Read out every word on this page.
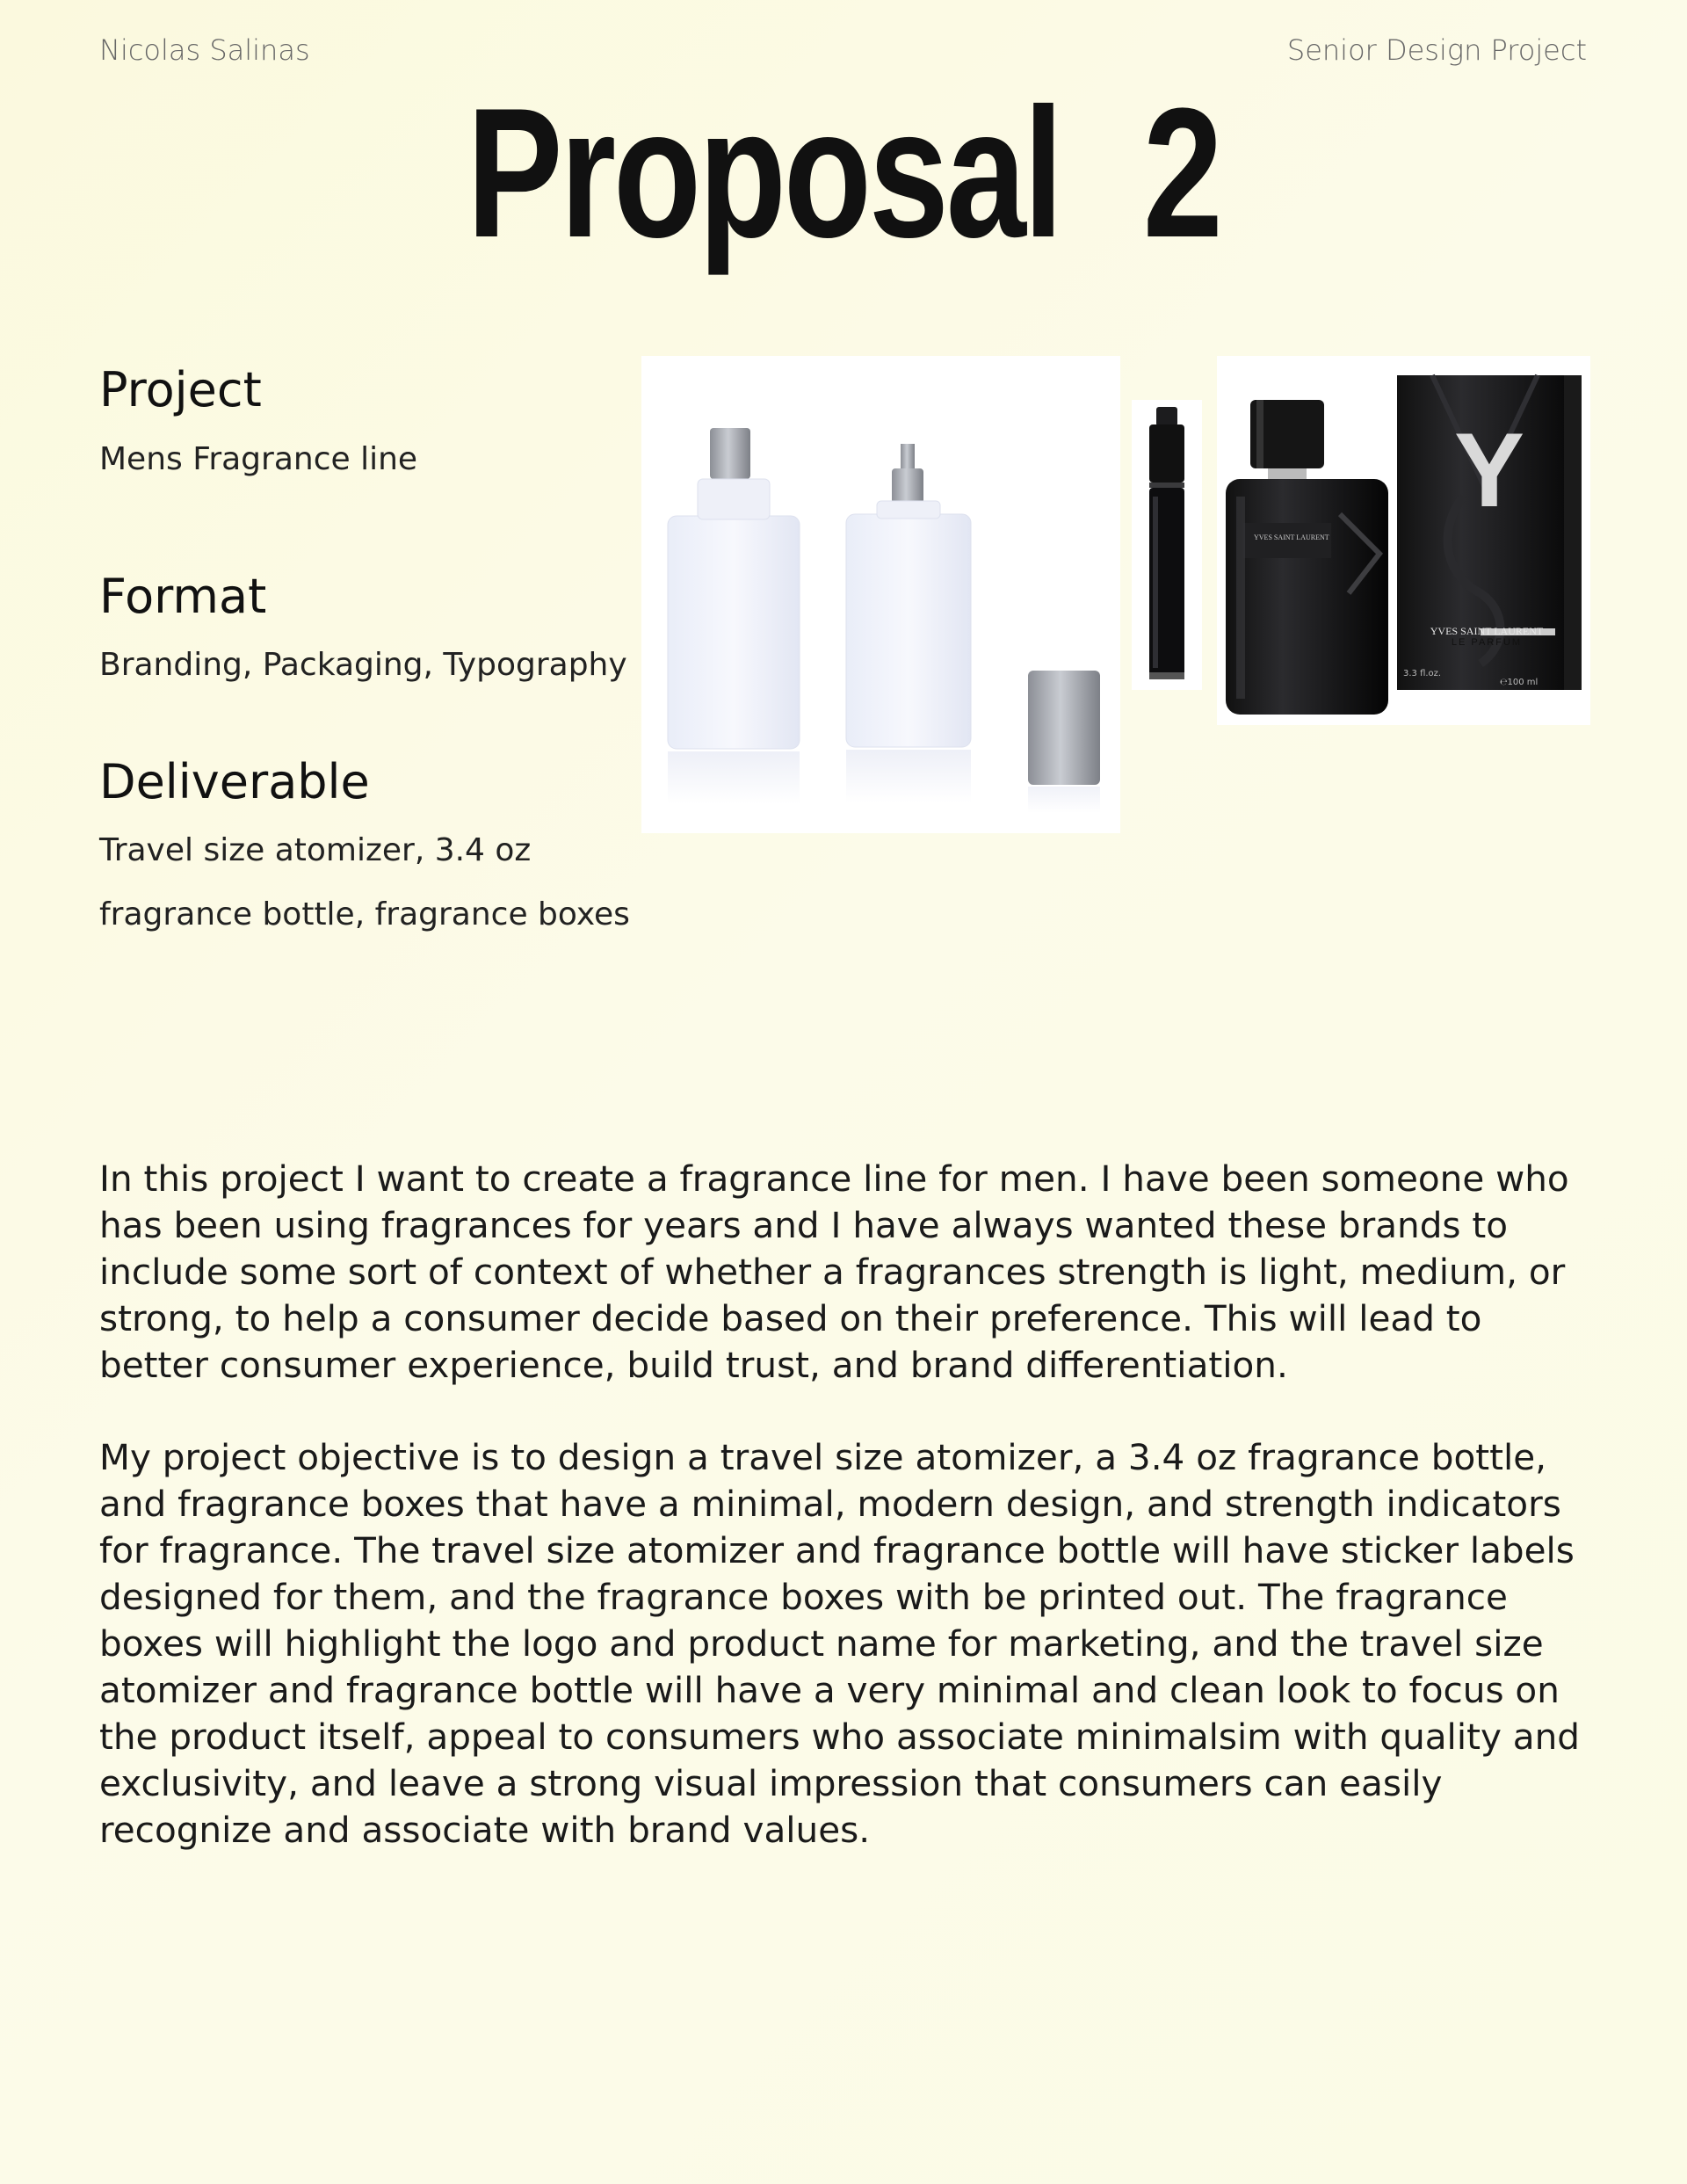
Nicolas Salinas	Senior Design Project
Proposal 2
Project
Mens Fragrance line
Format
Branding, Packaging, Typography
Deliverable
Travel size atomizer, 3.4 oz
fragrance bottle, fragrance boxes
Y
YVES SAINT LAURENT
LE PARFUM
3.3 fl.oz.
℮100 ml
YVES SAINT LAURENT
In this project I want to create a fragrance line for men. I have been someone who has been using fragrances for years and I have always wanted these brands to include some sort of context of whether a fragrances strength is light, medium, or strong, to help a consumer decide based on their preference. This will lead to better consumer experience, build trust, and brand differentiation.
My project objective is to design a travel size atomizer, a 3.4 oz fragrance bottle, and fragrance boxes that have a minimal, modern design, and strength indicators for fragrance. The travel size atomizer and fragrance bottle will have sticker labels designed for them, and the fragrance boxes with be printed out. The fragrance boxes will highlight the logo and product name for marketing, and the travel size atomizer and fragrance bottle will have a very minimal and clean look to focus on the product itself, appeal to consumers who associate minimalsim with quality and exclusivity, and leave a strong visual impression that consumers can easily recognize and associate with brand values.
